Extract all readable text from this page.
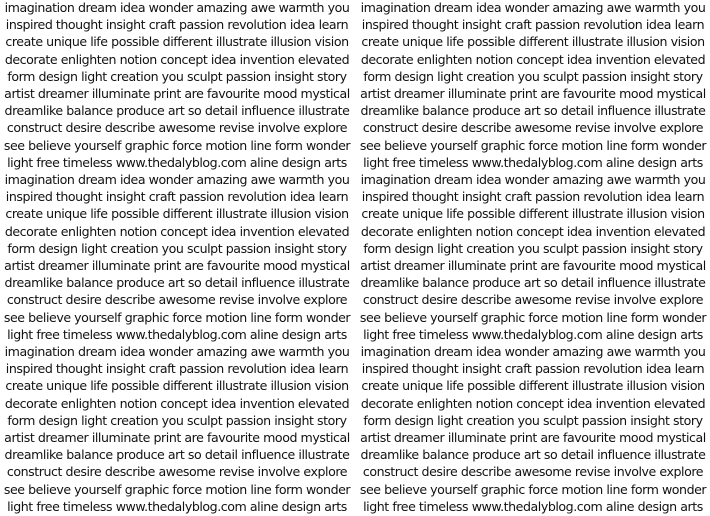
imagination dream idea wonder amazing awe warmth you imagination dream idea wonder amazing awe warmth you
inspired thought insight craft passion revolution idea learn	inspired thought insight craft passion revolution idea learn
create unique life possible different illustrate illusion vision	create unique life possible different illustrate illusion vision
decorate enlighten notion concept idea invention elevated decorate enlighten notion concept idea invention elevated
form design light creation you sculpt passion insight story	form design light creation you sculpt passion insight story
artist dreamer illuminate print are favourite mood mystical artist dreamer illuminate print are favourite mood mystical
dreamlike balance produce art so detail influence illustrate dreamlike balance produce art so detail influence illustrate
construct desire describe awesome revise involve explore	construct desire describe awesome revise involve explore
see believe yourself graphic force motion line form wonder see believe yourself graphic force motion line form wonder
light free timeless www.thedalyblog.com aline design arts	light free timeless www.thedalyblog.com aline design arts
imagination dream idea wonder amazing awe warmth you imagination dream idea wonder amazing awe warmth you
inspired thought insight craft passion revolution idea learn	inspired thought insight craft passion revolution idea learn
create unique life possible different illustrate illusion vision	create unique life possible different illustrate illusion vision
decorate enlighten notion concept idea invention elevated decorate enlighten notion concept idea invention elevated
form design light creation you sculpt passion insight story	form design light creation you sculpt passion insight story
artist dreamer illuminate print are favourite mood mystical artist dreamer illuminate print are favourite mood mystical
dreamlike balance produce art so detail influence illustrate dreamlike balance produce art so detail influence illustrate
construct desire describe awesome revise involve explore	construct desire describe awesome revise involve explore
see believe yourself graphic force motion line form wonder see believe yourself graphic force motion line form wonder
light free timeless www.thedalyblog.com aline design arts	light free timeless www.thedalyblog.com aline design arts
imagination dream idea wonder amazing awe warmth you imagination dream idea wonder amazing awe warmth you
inspired thought insight craft passion revolution idea learn	inspired thought insight craft passion revolution idea learn
create unique life possible different illustrate illusion vision	create unique life possible different illustrate illusion vision
decorate enlighten notion concept idea invention elevated decorate enlighten notion concept idea invention elevated
form design light creation you sculpt passion insight story	form design light creation you sculpt passion insight story
artist dreamer illuminate print are favourite mood mystical artist dreamer illuminate print are favourite mood mystical
dreamlike balance produce art so detail influence illustrate dreamlike balance produce art so detail influence illustrate
construct desire describe awesome revise involve explore	construct desire describe awesome revise involve explore
see believe yourself graphic force motion line form wonder see believe yourself graphic force motion line form wonder
light free timeless www.thedalyblog.com aline design arts	light free timeless www.thedalyblog.com aline design arts
